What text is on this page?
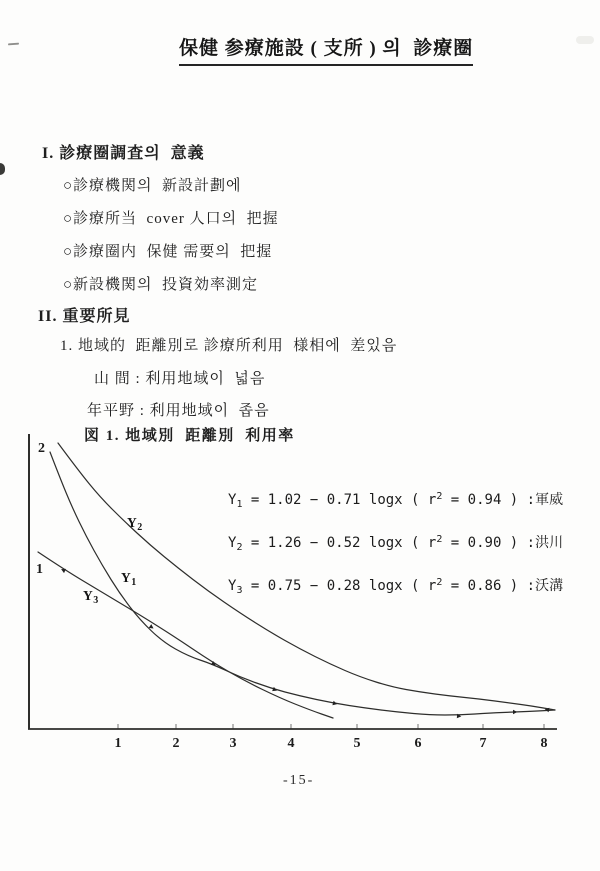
保健 参療施設 ( 支所 ) 의  診療圈
I. 診療圈調査의  意義
○診療機関의  新設計劃에
○診療所当  cover 人口의  把握
○診療圈内  保健 需要의  把握
○新設機関의  投資効率測定
II. 重要所見
1. 地域的  距離別로 診療所利用  様相에  差있음
山 間 : 利用地域이  넓음
年平野 : 利用地域이  좁음
図 1. 地域別  距離別  利用率
$Y_1 = 1.02 - 0.71$ logx ( $r^2 = 0.94$ ) :軍威
$Y_2 = 1.26 - 0.52$ logx ( $r^2 = 0.90$ ) :洪川
$Y_3 = 0.75 - 0.28$ logx ( $r^2 = 0.86$ ) :沃溝
1	2	3	4	5	6	7	8
2
1
$Y_1$
$Y_2$
$Y_3$
-15-
